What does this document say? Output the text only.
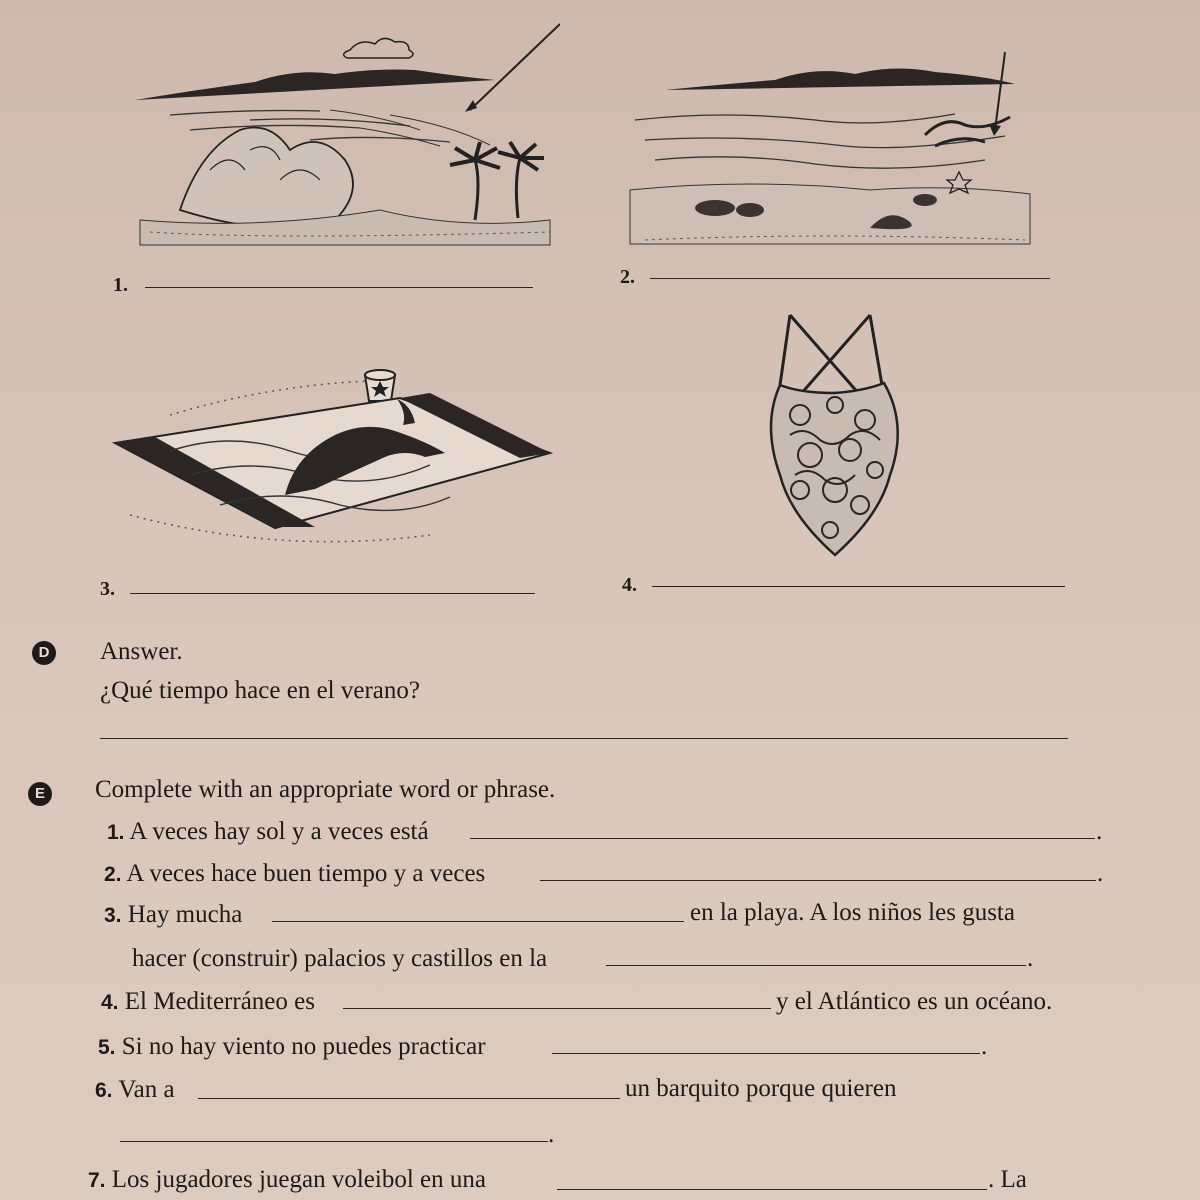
1.	2.
3.	4.
D Answer.
¿Qué tiempo hace en el verano?
E Complete with an appropriate word or phrase.
1. A veces hay sol y a veces está	.
2. A veces hace buen tiempo y a veces	.
3. Hay mucha	en la playa. A los niños les gusta
hacer (construir) palacios y castillos en la	.
4. El Mediterráneo es	y el Atlántico es un océano.
5. Si no hay viento no puedes practicar	.
6. Van a	un barquito porque quieren
.
7. Los jugadores juegan voleibol en una	. La
